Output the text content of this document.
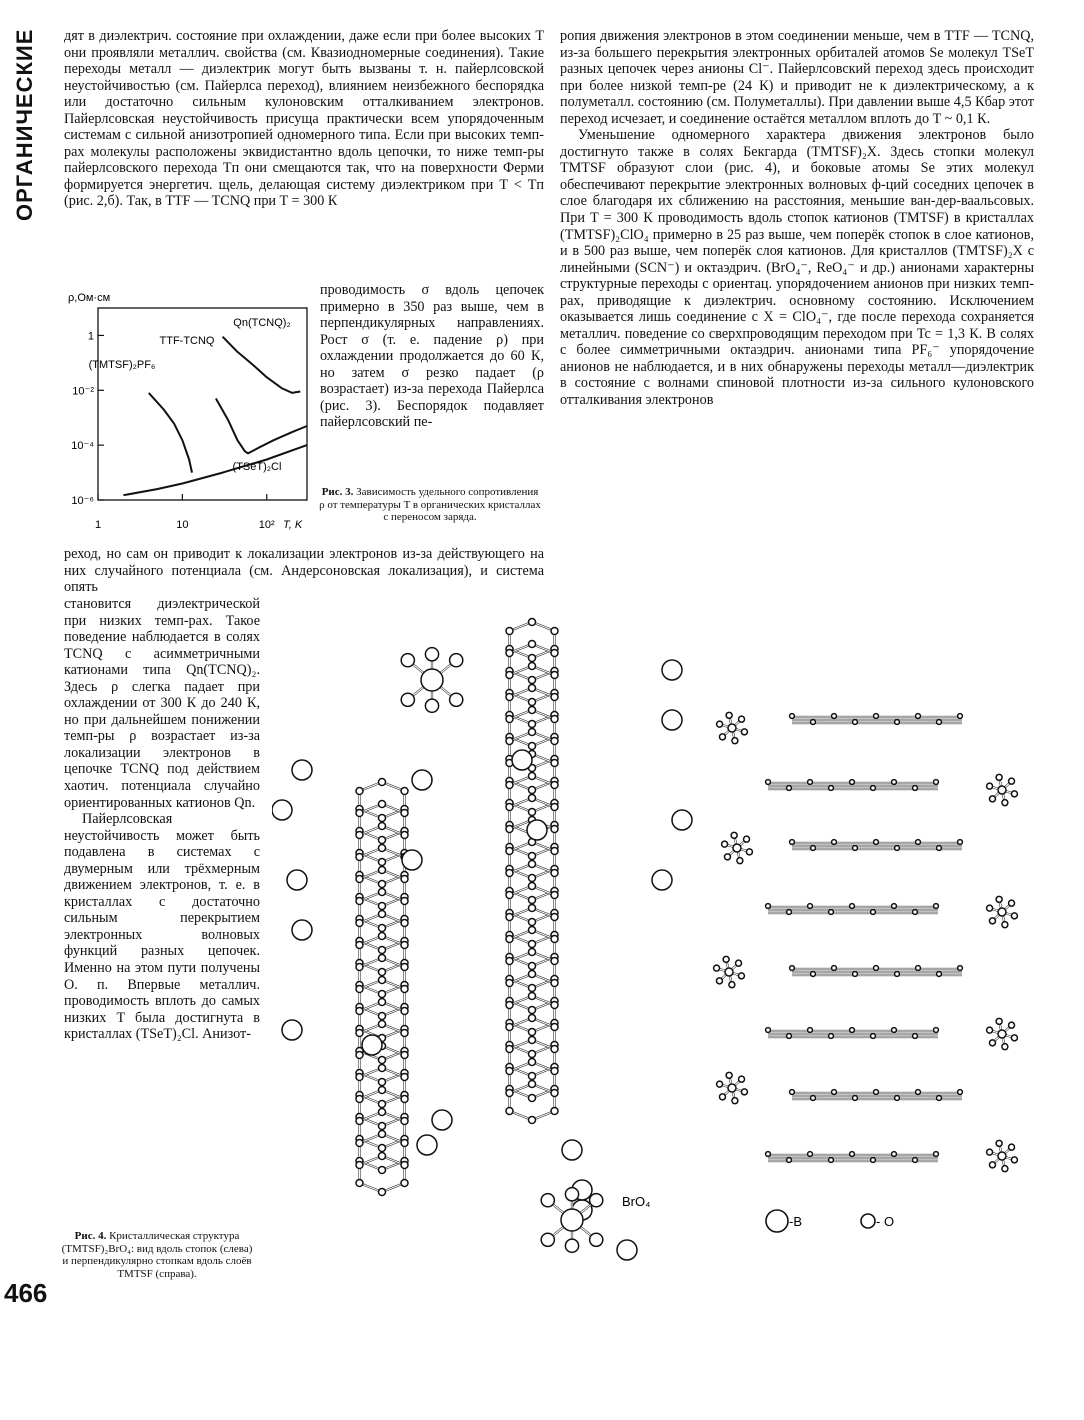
ОРГАНИЧЕСКИЕ
466

дят в диэлектрич. состояние при охлаждении, даже если при более высоких T они проявляли металлич. свойства (см. Квазиодномерные соединения). Такие переходы металл — диэлектрик могут быть вызваны т. н. пайерлсовской неустойчивостью (см. Пайерлса переход), влиянием неизбежного беспорядка или достаточно сильным кулоновским отталкиванием электронов. Пайерлсовская неустойчивость присуща практически всем упорядоченным системам с сильной анизотропией одномерного типа. Если при высоких темп-рах молекулы расположены эквидистантно вдоль цепочки, то ниже темп-ры пайерлсовского перехода Tп они смещаются так, что на поверхности Ферми формируется энергетич. щель, делающая систему диэлектриком при T < Tп (рис. 2,б). Так, в TTF — TCNQ при T = 300 К

ρ,Ом·см
1
10⁻²
10⁻⁴
10⁻⁶
1	10	10² T, K
Qn(TCNQ)₂
TTF-TCNQ
(TMTSF)₂PF₆
(TSeT)₂Cl

проводимость σ вдоль цепочек примерно в 350 раз выше, чем в перпендикулярных направлениях. Рост σ (т. е. падение ρ) при охлаждении продолжается до 60 К, но затем σ резко падает (ρ возрастает) из-за перехода Пайерлса (рис. 3). Беспорядок подавляет пайерлсовский пе-

Рис. 3. Зависимость удельного сопротивления ρ от температуры T в органических кристаллах с переносом заряда.

реход, но сам он приводит к локализации электронов из-за действующего на них случайного потенциала (см. Андерсоновская локализация), и система опять

становится диэлектрической при низких темп-рах. Такое поведение наблюдается в солях TCNQ с асимметричными катионами типа Qn(TCNQ)₂. Здесь ρ слегка падает при охлаждении от 300 К до 240 К, но при дальнейшем понижении темп-ры ρ возрастает из-за локализации электронов в цепочке TCNQ под действием хаотич. потенциала случайно ориентированных катионов Qn.

Пайерлсовская неустойчивость может быть подавлена в системах с двумерным или трёхмерным движением электронов, т. е. в кристаллах с достаточно сильным перекрытием электронных волновых функций разных цепочек. Именно на этом пути получены О. п. Впервые металлич. проводимость вплоть до самых низких T была достигнута в кристаллах (TSeT)₂Cl. Анизот-

Рис. 4. Кристаллическая структура (TMTSF)₂BrO₄: вид вдоль стопок (слева) и перпендикулярно стопкам вдоль слоёв TMTSF (справа).

ропия движения электронов в этом соединении меньше, чем в TTF — TCNQ, из-за большего перекрытия электронных орбиталей атомов Se молекул TSeT разных цепочек через анионы Cl⁻. Пайерлсовский переход здесь происходит при более низкой темп-ре (24 К) и приводит не к диэлектрическому, а к полуметалл. состоянию (см. Полуметаллы). При давлении выше 4,5 Кбар этот переход исчезает, и соединение остаётся металлом вплоть до T ~ 0,1 К.

Уменьшение одномерного характера движения электронов было достигнуто также в солях Бекгарда (TMTSF)₂X. Здесь стопки молекул TMTSF образуют слои (рис. 4), и боковые атомы Se этих молекул обеспечивают перекрытие электронных волновых ф-ций соседних цепочек в слое благодаря их сближению на расстояния, меньшие ван-дер-ваальсовых. При T = 300 К проводимость вдоль стопок катионов (TMTSF) в кристаллах (TMTSF)₂ClO₄ примерно в 25 раз выше, чем поперёк стопок в слое катионов, и в 500 раз выше, чем поперёк слоя катионов. Для кристаллов (TMTSF)₂X с линейными (SCN⁻) и октаэдрич. (BrO₄⁻, ReO₄⁻ и др.) анионами характерны структурные переходы с ориентац. упорядочением анионов при низких темп-рах, приводящие к диэлектрич. основному состоянию. Исключением оказывается лишь соединение с X = ClO₄⁻, где после перехода сохраняется металлич. поведение со сверхпроводящим переходом при Tc = 1,3 К. В солях с более симметричными октаэдрич. анионами типа PF₆⁻ упорядочение анионов не наблюдается, и в них обнаружены переходы металл—диэлектрик в состояние с волнами спиновой плотности из-за сильного кулоновского отталкивания электронов

BrO₄
-B	- O
